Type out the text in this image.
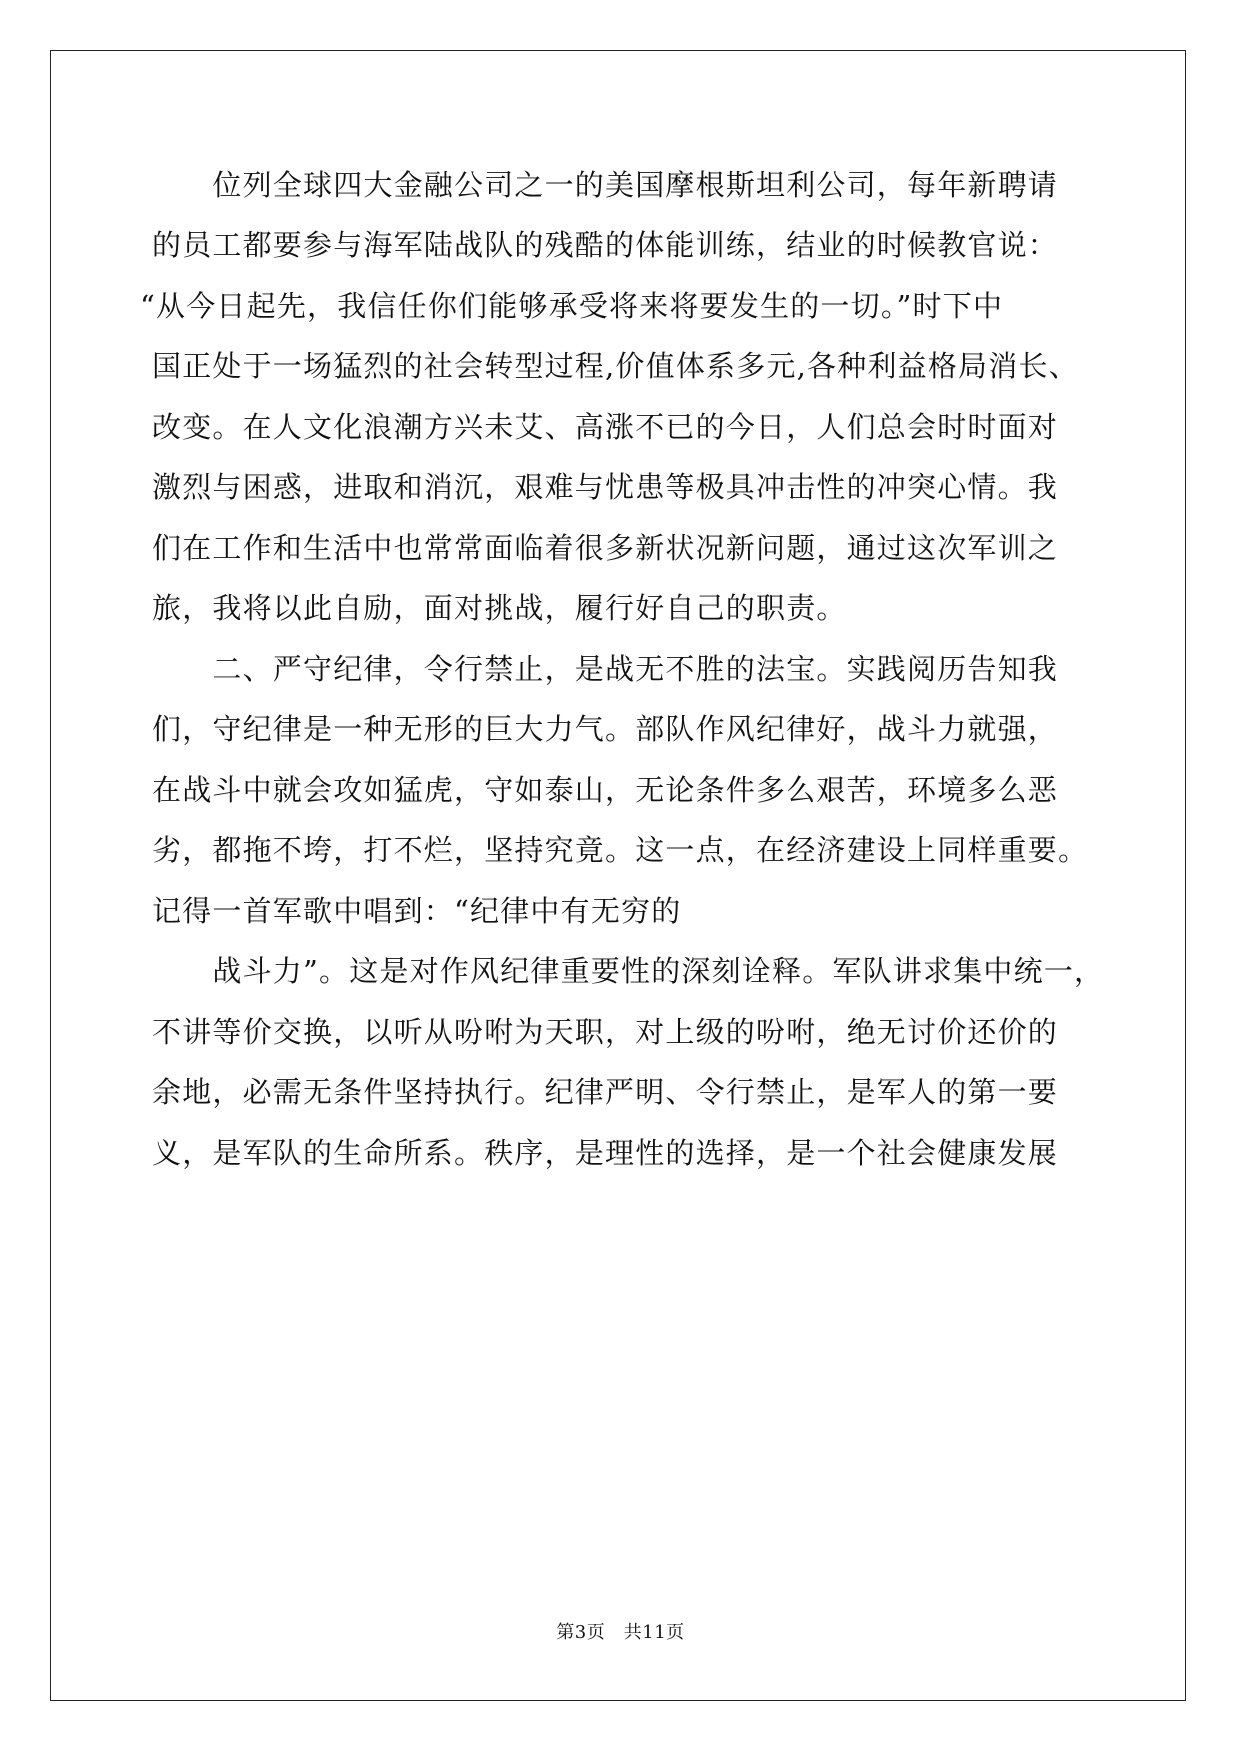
　　位列全球四大金融公司之一的美国摩根斯坦利公司，每年新聘请
的员工都要参与海军陆战队的残酷的体能训练，结业的时候教官说：
“从今日起先，我信任你们能够承受将来将要发生的一切。”时下中
国正处于一场猛烈的社会转型过程,价值体系多元,各种利益格局消长、
改变。在人文化浪潮方兴未艾、高涨不已的今日，人们总会时时面对
激烈与困惑，进取和消沉，艰难与忧患等极具冲击性的冲突心情。我
们在工作和生活中也常常面临着很多新状况新问题，通过这次军训之
旅，我将以此自励，面对挑战，履行好自己的职责。
　　二、严守纪律，令行禁止，是战无不胜的法宝。实践阅历告知我
们，守纪律是一种无形的巨大力气。部队作风纪律好，战斗力就强，
在战斗中就会攻如猛虎，守如泰山，无论条件多么艰苦，环境多么恶
劣，都拖不垮，打不烂，坚持究竟。这一点，在经济建设上同样重要。
记得一首军歌中唱到：“纪律中有无穷的
　　战斗力”。这是对作风纪律重要性的深刻诠释。军队讲求集中统一，
不讲等价交换，以听从吩咐为天职，对上级的吩咐，绝无讨价还价的
余地，必需无条件坚持执行。纪律严明、令行禁止，是军人的第一要
义，是军队的生命所系。秩序，是理性的选择，是一个社会健康发展
第3页　共11页
